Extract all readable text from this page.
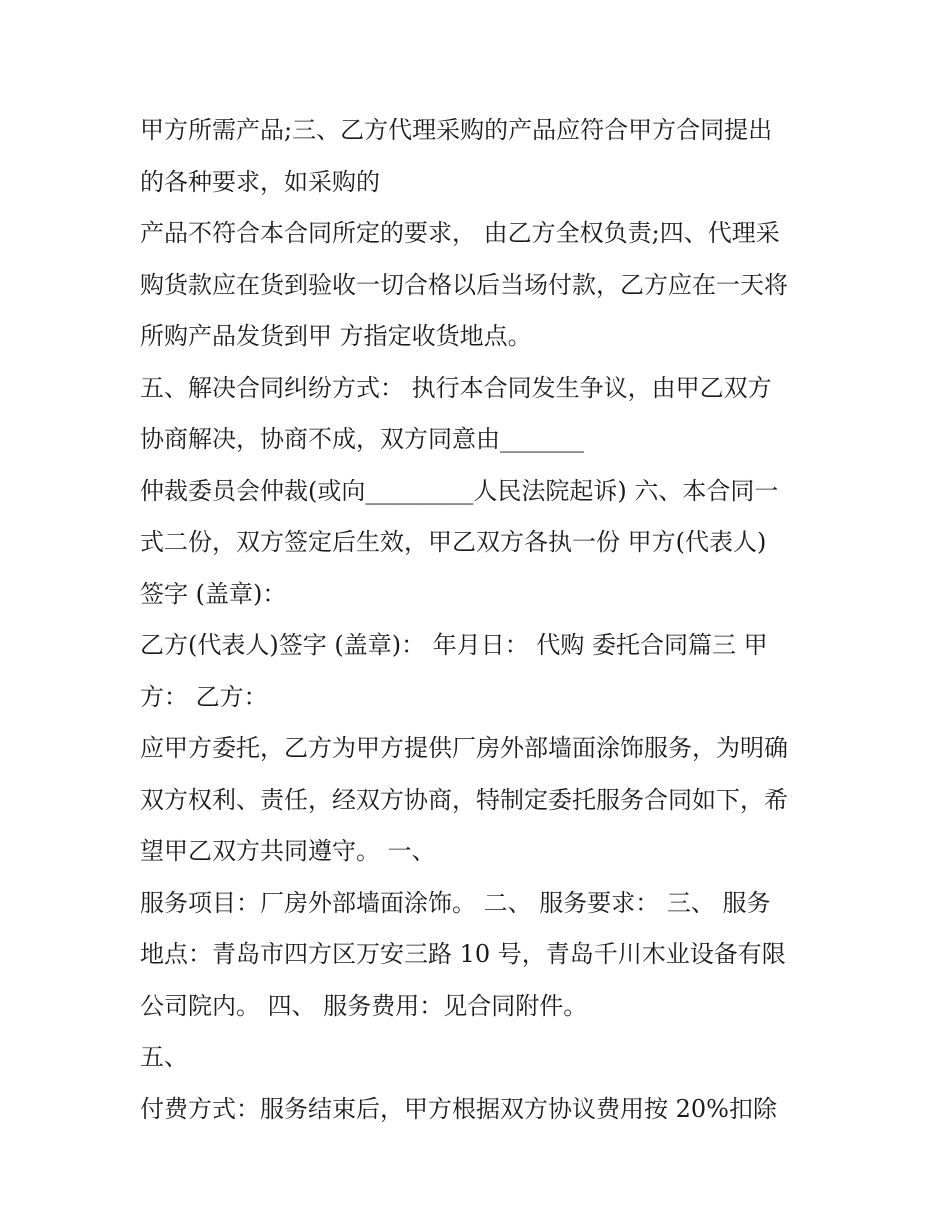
甲方所需产品;三、乙方代理采购的产品应符合甲方合同提出
的各种要求，如采购的
产品不符合本合同所定的要求， 由乙方全权负责;四、代理采
购货款应在货到验收一切合格以后当场付款，乙方应在一天将
所购产品发货到甲 方指定收货地点。
五、解决合同纠纷方式： 执行本合同发生争议，由甲乙双方
协商解决，协商不成，双方同意由_______
仲裁委员会仲裁(或向_________人民法院起诉) 六、本合同一
式二份，双方签定后生效，甲乙双方各执一份 甲方(代表人)
签字 (盖章)：
乙方(代表人)签字 (盖章)： 年月日： 代购 委托合同篇三 甲
方： 乙方：
应甲方委托，乙方为甲方提供厂房外部墙面涂饰服务，为明确
双方权利、责任，经双方协商，特制定委托服务合同如下，希
望甲乙双方共同遵守。 一、
服务项目：厂房外部墙面涂饰。 二、 服务要求： 三、 服务
地点：青岛市四方区万安三路 10 号，青岛千川木业设备有限
公司院内。 四、 服务费用：见合同附件。
五、
付费方式：服务结束后，甲方根据双方协议费用按 20%扣除
